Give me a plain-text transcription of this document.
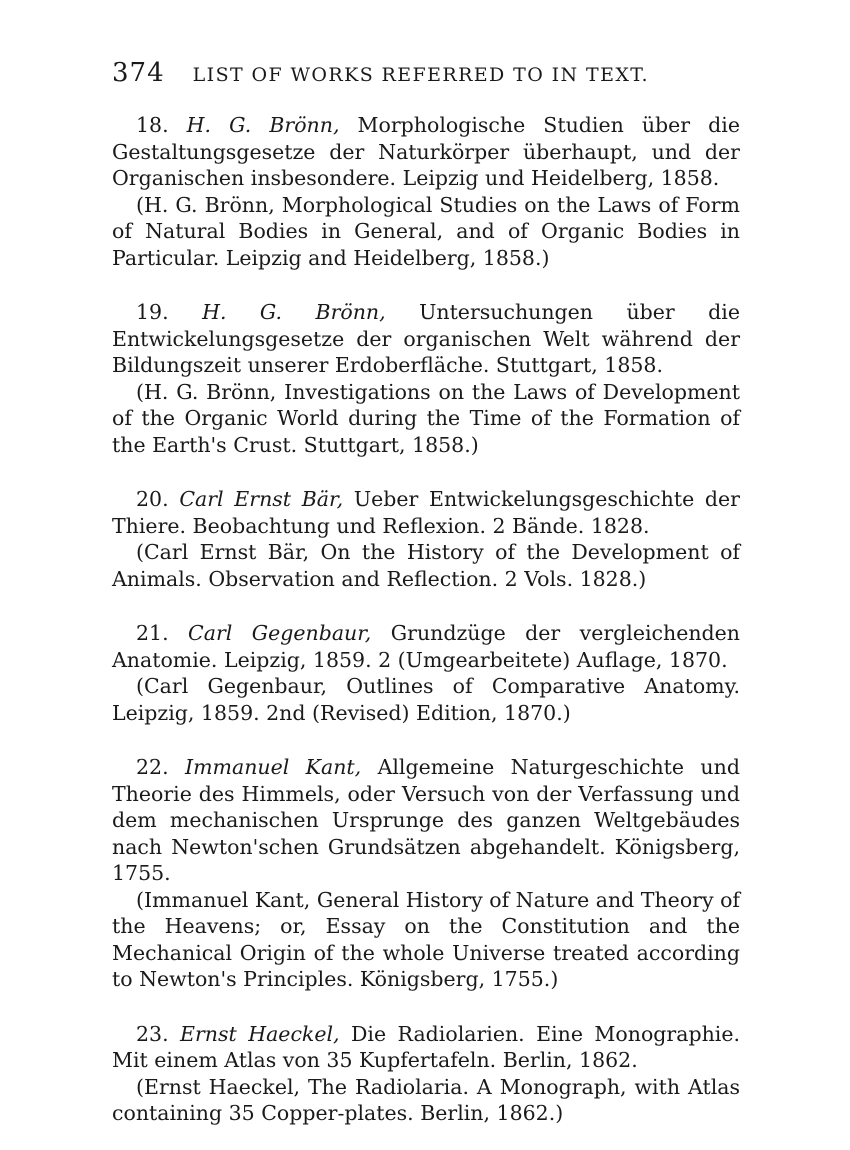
374 LIST OF WORKS REFERRED TO IN TEXT.
18. H. G. Brönn, Morphologische Studien über die Gestaltungsgesetze der Naturkörper überhaupt, und der Organischen insbesondere. Leipzig und Heidelberg, 1858.
(H. G. Brönn, Morphological Studies on the Laws of Form of Natural Bodies in General, and of Organic Bodies in Particular. Leipzig and Heidelberg, 1858.)
19. H. G. Brönn, Untersuchungen über die Entwickelungsgesetze der organischen Welt während der Bildungszeit unserer Erdoberfläche. Stuttgart, 1858.
(H. G. Brönn, Investigations on the Laws of Development of the Organic World during the Time of the Formation of the Earth's Crust. Stuttgart, 1858.)
20. Carl Ernst Bär, Ueber Entwickelungsgeschichte der Thiere. Beobachtung und Reflexion. 2 Bände. 1828.
(Carl Ernst Bär, On the History of the Development of Animals. Observation and Reflection. 2 Vols. 1828.)
21. Carl Gegenbaur, Grundzüge der vergleichenden Anatomie. Leipzig, 1859. 2 (Umgearbeitete) Auflage, 1870.
(Carl Gegenbaur, Outlines of Comparative Anatomy. Leipzig, 1859. 2nd (Revised) Edition, 1870.)
22. Immanuel Kant, Allgemeine Naturgeschichte und Theorie des Himmels, oder Versuch von der Verfassung und dem mechanischen Ursprunge des ganzen Weltgebäudes nach Newton'schen Grundsätzen abgehandelt. Königsberg, 1755.
(Immanuel Kant, General History of Nature and Theory of the Heavens; or, Essay on the Constitution and the Mechanical Origin of the whole Universe treated according to Newton's Principles. Königsberg, 1755.)
23. Ernst Haeckel, Die Radiolarien. Eine Monographie. Mit einem Atlas von 35 Kupfertafeln. Berlin, 1862.
(Ernst Haeckel, The Radiolaria. A Monograph, with Atlas containing 35 Copper-plates. Berlin, 1862.)
